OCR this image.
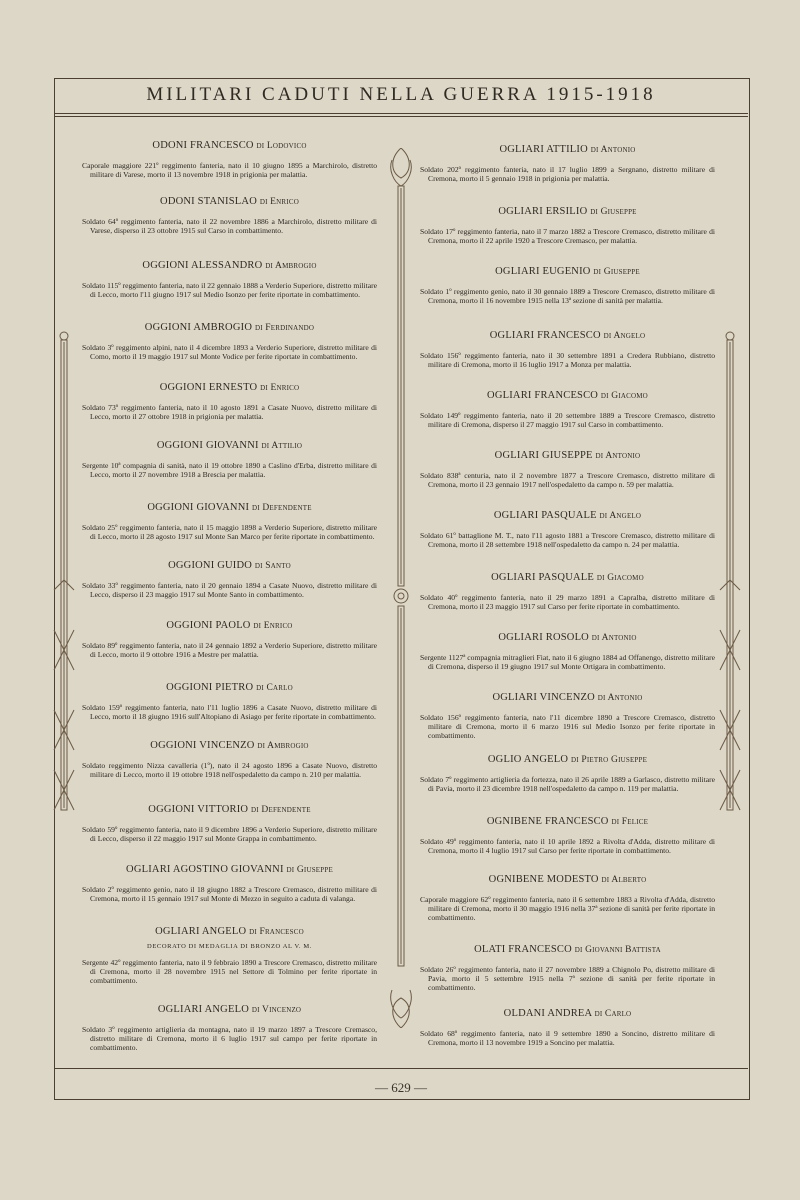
MILITARI CADUTI NELLA GUERRA 1915-1918
ODONI FRANCESCO di Lodovico

Caporale maggiore 221º reggimento fanteria, nato il 10 giugno 1895 a Marchirolo, distretto militare di Varese, morto il 13 novembre 1918 in prigionia per malattia.

ODONI STANISLAO di Enrico

Soldato 64º reggimento fanteria, nato il 22 novembre 1886 a Marchirolo, distretto militare di Varese, disperso il 23 ottobre 1915 sul Carso in combattimento.

OGGIONI ALESSANDRO di Ambrogio

Soldato 115º reggimento fanteria, nato il 22 gennaio 1888 a Verderio Superiore, distretto militare di Lecco, morto l'11 giugno 1917 sul Medio Isonzo per ferite riportate in combattimento.

OGGIONI AMBROGIO di Ferdinando

Soldato 3º reggimento alpini, nato il 4 dicembre 1893 a Verderio Superiore, distretto militare di Como, morto il 19 maggio 1917 sul Monte Vodice per ferite riportate in combattimento.

OGGIONI ERNESTO di Enrico

Soldato 73º reggimento fanteria, nato il 10 agosto 1891 a Casate Nuovo, distretto militare di Lecco, morto il 27 ottobre 1918 in prigionia per malattia.

OGGIONI GIOVANNI di Attilio

Sergente 10ª compagnia di sanità, nato il 19 ottobre 1890 a Caslino d'Erba, distretto militare di Lecco, morto il 27 novembre 1918 a Brescia per malattia.

OGGIONI GIOVANNI di Defendente

Soldato 25º reggimento fanteria, nato il 15 maggio 1898 a Verderio Superiore, distretto militare di Lecco, morto il 28 agosto 1917 sul Monte San Marco per ferite riportate in combattimento.

OGGIONI GUIDO di Santo

Soldato 33º reggimento fanteria, nato il 20 gennaio 1894 a Casate Nuovo, distretto militare di Lecco, disperso il 23 maggio 1917 sul Monte Santo in combattimento.

OGGIONI PAOLO di Enrico

Soldato 89º reggimento fanteria, nato il 24 gennaio 1892 a Verderio Superiore, distretto militare di Lecco, morto il 9 ottobre 1916 a Mestre per malattia.

OGGIONI PIETRO di Carlo

Soldato 159º reggimento fanteria, nato l'11 luglio 1896 a Casate Nuovo, distretto militare di Lecco, morto il 18 giugno 1916 sull'Altopiano di Asiago per ferite riportate in combattimento.

OGGIONI VINCENZO di Ambrogio

Soldato reggimento Nizza cavalleria (1º), nato il 24 agosto 1896 a Casate Nuovo, distretto militare di Lecco, morto il 19 ottobre 1918 nell'ospedaletto da campo n. 210 per malattia.

OGGIONI VITTORIO di Defendente

Soldato 59º reggimento fanteria, nato il 9 dicembre 1896 a Verderio Superiore, distretto militare di Lecco, disperso il 22 maggio 1917 sul Monte Grappa in combattimento.

OGLIARI AGOSTINO GIOVANNI di Giuseppe

Soldato 2º reggimento genio, nato il 18 giugno 1882 a Trescore Cremasco, distretto militare di Cremona, morto il 15 gennaio 1917 sul Monte di Mezzo in seguito a caduta di valanga.

OGLIARI ANGELO di Francesco
DECORATO DI MEDAGLIA DI BRONZO AL V. M.

Sergente 42º reggimento fanteria, nato il 9 febbraio 1890 a Trescore Cremasco, distretto militare di Cremona, morto il 28 novembre 1915 nel Settore di Tolmino per ferite riportate in combattimento.

OGLIARI ANGELO di Vincenzo

Soldato 3º reggimento artiglieria da montagna, nato il 19 marzo 1897 a Trescore Cremasco, distretto militare di Cremona, morto il 6 luglio 1917 sul campo per ferite riportate in combattimento.

OGLIARI ATTILIO di Antonio

Soldato 202º reggimento fanteria, nato il 17 luglio 1899 a Sergnano, distretto militare di Cremona, morto il 5 gennaio 1918 in prigionia per malattia.

OGLIARI ERSILIO di Giuseppe

Soldato 17º reggimento fanteria, nato il 7 marzo 1882 a Trescore Cremasco, distretto militare di Cremona, morto il 22 aprile 1920 a Trescore Cremasco, per malattia.

OGLIARI EUGENIO di Giuseppe

Soldato 1º reggimento genio, nato il 30 gennaio 1889 a Trescore Cremasco, distretto militare di Cremona, morto il 16 novembre 1915 nella 13ª sezione di sanità per malattia.

OGLIARI FRANCESCO di Angelo

Soldato 156º reggimento fanteria, nato il 30 settembre 1891 a Credera Rubbiano, distretto militare di Cremona, morto il 16 luglio 1917 a Monza per malattia.

OGLIARI FRANCESCO di Giacomo

Soldato 149º reggimento fanteria, nato il 20 settembre 1889 a Trescore Cremasco, distretto militare di Cremona, disperso il 27 maggio 1917 sul Carso in combattimento.

OGLIARI GIUSEPPE di Antonio

Soldato 838ª centuria, nato il 2 novembre 1877 a Trescore Cremasco, distretto militare di Cremona, morto il 23 gennaio 1917 nell'ospedaletto da campo n. 59 per malattia.

OGLIARI PASQUALE di Angelo

Soldato 61º battaglione M. T., nato l'11 agosto 1881 a Trescore Cremasco, distretto militare di Cremona, morto il 28 settembre 1918 nell'ospedaletto da campo n. 24 per malattia.

OGLIARI PASQUALE di Giacomo

Soldato 40º reggimento fanteria, nato il 29 marzo 1891 a Capralba, distretto militare di Cremona, morto il 23 maggio 1917 sul Carso per ferite riportate in combattimento.

OGLIARI ROSOLO di Antonio

Sergente 1127ª compagnia mitraglieri Fiat, nato il 6 giugno 1884 ad Offanengo, distretto militare di Cremona, disperso il 19 giugno 1917 sul Monte Ortigara in combattimento.

OGLIARI VINCENZO di Antonio

Soldato 156º reggimento fanteria, nato l'11 dicembre 1890 a Trescore Cremasco, distretto militare di Cremona, morto il 6 marzo 1916 sul Medio Isonzo per ferite riportate in combattimento.

OGLIO ANGELO di Pietro Giuseppe

Soldato 7º reggimento artiglieria da fortezza, nato il 26 aprile 1889 a Garlasco, distretto militare di Pavia, morto il 23 dicembre 1918 nell'ospedaletto da campo n. 119 per malattia.

OGNIBENE FRANCESCO di Felice

Soldato 49º reggimento fanteria, nato il 10 aprile 1892 a Rivolta d'Adda, distretto militare di Cremona, morto il 4 luglio 1917 sul Carso per ferite riportate in combattimento.

OGNIBENE MODESTO di Alberto

Caporale maggiore 62º reggimento fanteria, nato il 6 settembre 1883 a Rivolta d'Adda, distretto militare di Cremona, morto il 30 maggio 1916 nella 37ª sezione di sanità per ferite riportate in combattimento.

OLATI FRANCESCO di Giovanni Battista

Soldato 26º reggimento fanteria, nato il 27 novembre 1889 a Chignolo Po, distretto militare di Pavia, morto il 5 settembre 1915 nella 7ª sezione di sanità per ferite riportate in combattimento.

OLDANI ANDREA di Carlo

Soldato 68º reggimento fanteria, nato il 9 settembre 1890 a Soncino, distretto militare di Cremona, morto il 13 novembre 1919 a Soncino per malattia.

— 629 —
